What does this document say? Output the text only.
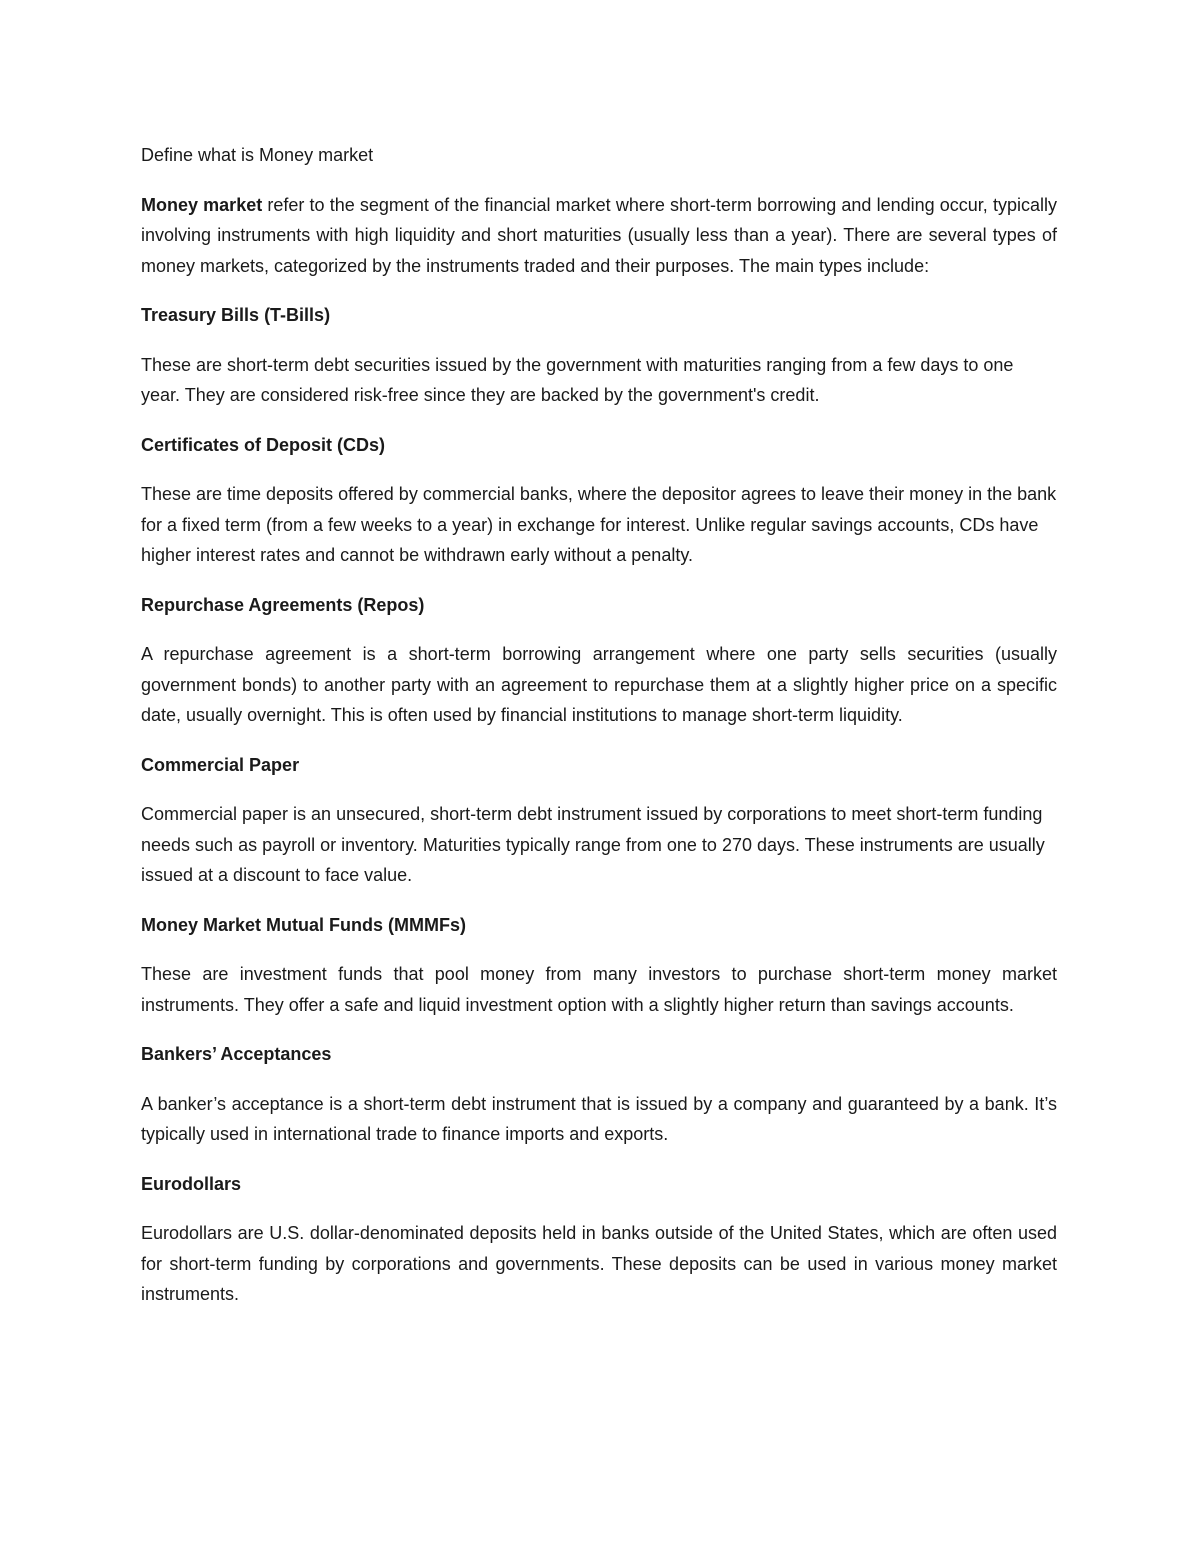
Define what is Money market

Money market refer to the segment of the financial market where short-term borrowing and lending occur, typically involving instruments with high liquidity and short maturities (usually less than a year). There are several types of money markets, categorized by the instruments traded and their purposes. The main types include:

Treasury Bills (T-Bills)

These are short-term debt securities issued by the government with maturities ranging from a few days to one year. They are considered risk-free since they are backed by the government's credit.

Certificates of Deposit (CDs)

These are time deposits offered by commercial banks, where the depositor agrees to leave their money in the bank for a fixed term (from a few weeks to a year) in exchange for interest. Unlike regular savings accounts, CDs have higher interest rates and cannot be withdrawn early without a penalty.

Repurchase Agreements (Repos)

A repurchase agreement is a short-term borrowing arrangement where one party sells securities (usually government bonds) to another party with an agreement to repurchase them at a slightly higher price on a specific date, usually overnight. This is often used by financial institutions to manage short-term liquidity.

Commercial Paper

Commercial paper is an unsecured, short-term debt instrument issued by corporations to meet short-term funding needs such as payroll or inventory. Maturities typically range from one to 270 days. These instruments are usually issued at a discount to face value.

Money Market Mutual Funds (MMMFs)

These are investment funds that pool money from many investors to purchase short-term money market instruments. They offer a safe and liquid investment option with a slightly higher return than savings accounts.

Bankers’ Acceptances

A banker’s acceptance is a short-term debt instrument that is issued by a company and guaranteed by a bank. It’s typically used in international trade to finance imports and exports.

Eurodollars

Eurodollars are U.S. dollar-denominated deposits held in banks outside of the United States, which are often used for short-term funding by corporations and governments. These deposits can be used in various money market instruments.
